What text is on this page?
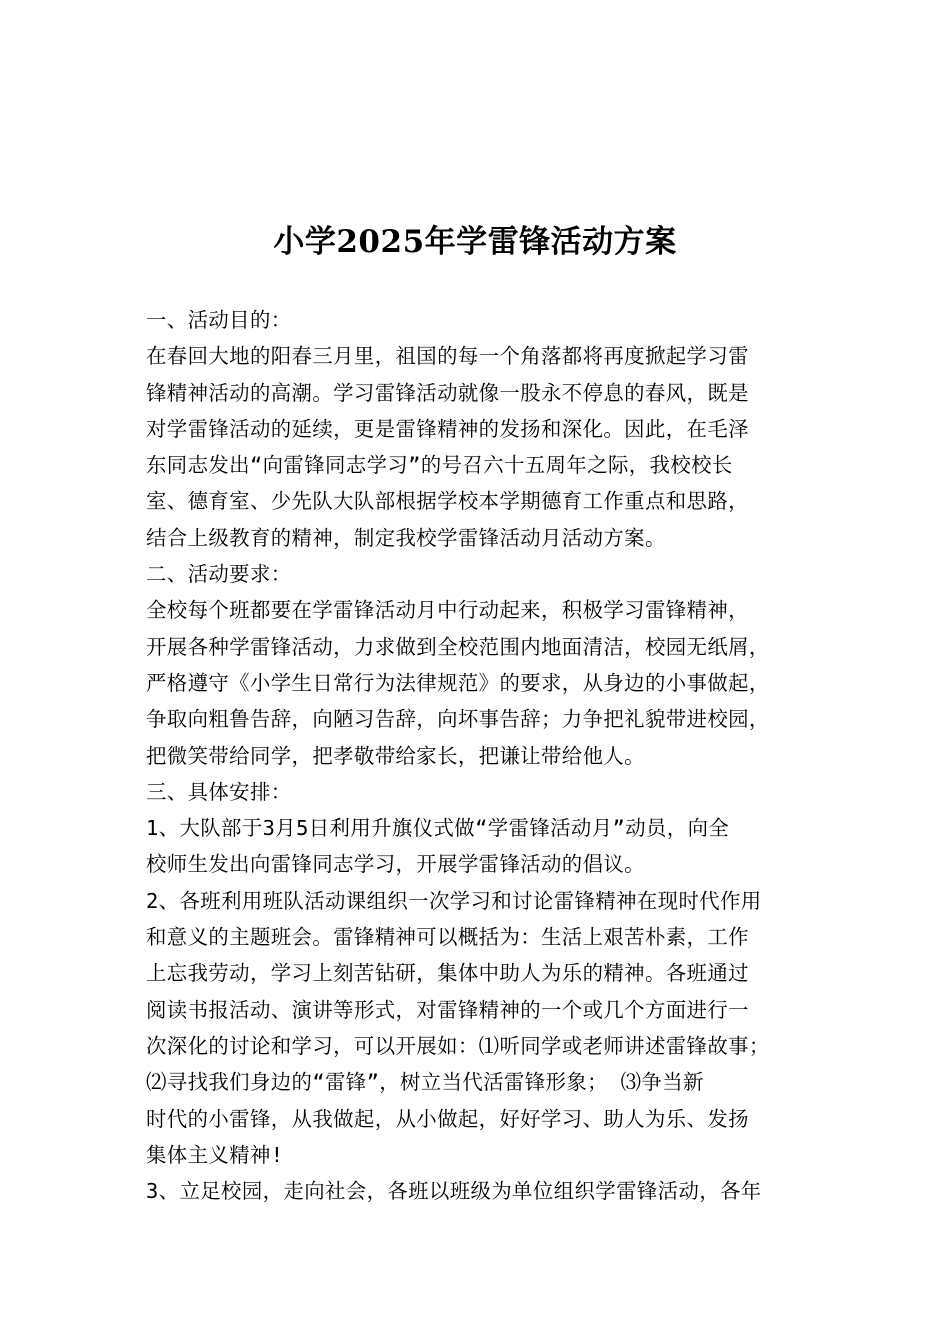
小学2025年学雷锋活动方案
一、活动目的：
在春回大地的阳春三月里，祖国的每一个角落都将再度掀起学习雷
锋精神活动的高潮。学习雷锋活动就像一股永不停息的春风，既是
对学雷锋活动的延续，更是雷锋精神的发扬和深化。因此，在毛泽
东同志发出“向雷锋同志学习”的号召六十五周年之际，我校校长
室、德育室、少先队大队部根据学校本学期德育工作重点和思路，
结合上级教育的精神，制定我校学雷锋活动月活动方案。
二、活动要求：
全校每个班都要在学雷锋活动月中行动起来，积极学习雷锋精神，
开展各种学雷锋活动，力求做到全校范围内地面清洁，校园无纸屑，
严格遵守《小学生日常行为法律规范》的要求，从身边的小事做起，
争取向粗鲁告辞，向陋习告辞，向坏事告辞；力争把礼貌带进校园，
把微笑带给同学，把孝敬带给家长，把谦让带给他人。
三、具体安排：
1、大队部于3月5日利用升旗仪式做“学雷锋活动月”动员，向全
校师生发出向雷锋同志学习，开展学雷锋活动的倡议。
2、各班利用班队活动课组织一次学习和讨论雷锋精神在现时代作用
和意义的主题班会。雷锋精神可以概括为：生活上艰苦朴素，工作
上忘我劳动，学习上刻苦钻研，集体中助人为乐的精神。各班通过
阅读书报活动、演讲等形式，对雷锋精神的一个或几个方面进行一
次深化的讨论和学习，可以开展如：⑴听同学或老师讲述雷锋故事；
⑵寻找我们身边的“雷锋”，树立当代活雷锋形象； ⑶争当新
时代的小雷锋，从我做起，从小做起，好好学习、助人为乐、发扬
集体主义精神!
3、立足校园，走向社会，各班以班级为单位组织学雷锋活动，各年
